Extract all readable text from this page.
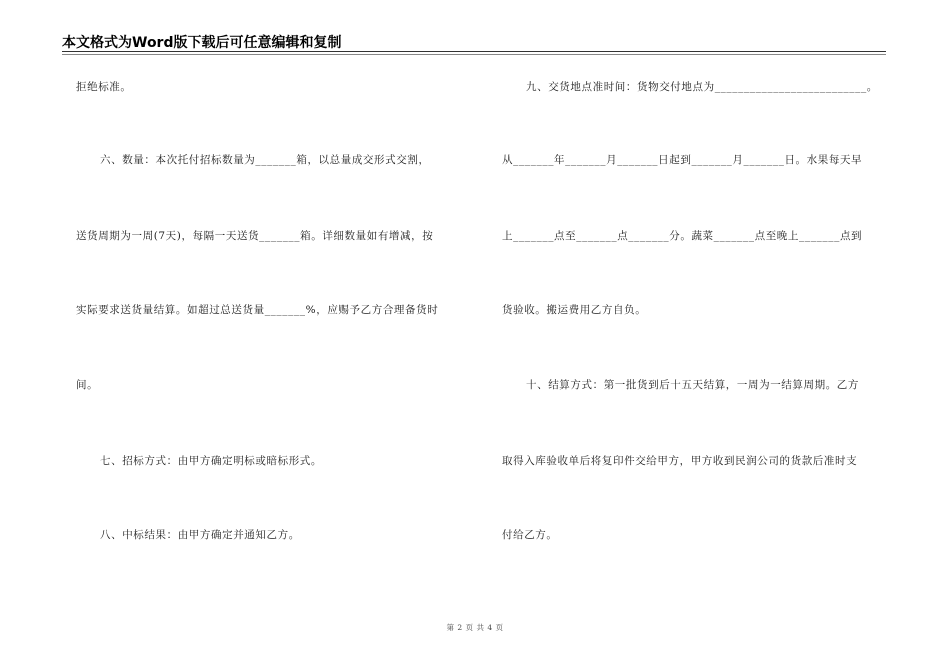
本文格式为Word版下载后可任意编辑和复制
拒绝标准。
六、数量：本次托付招标数量为_______箱，以总量成交形式交割，
送货周期为一周(7天)，每隔一天送货_______箱。详细数量如有增减，按
实际要求送货量结算。如超过总送货量_______%，应赐予乙方合理备货时
间。
七、招标方式：由甲方确定明标或暗标形式。
八、中标结果：由甲方确定并通知乙方。
九、交货地点准时间：货物交付地点为__________________________。
从_______年_______月_______日起到_______月_______日。水果每天早
上_______点至_______点_______分。蔬菜_______点至晚上_______点到
货验收。搬运费用乙方自负。
十、结算方式：第一批货到后十五天结算，一周为一结算周期。乙方
取得入库验收单后将复印件交给甲方，甲方收到民润公司的货款后准时支
付给乙方。
第 2 页 共 4 页
